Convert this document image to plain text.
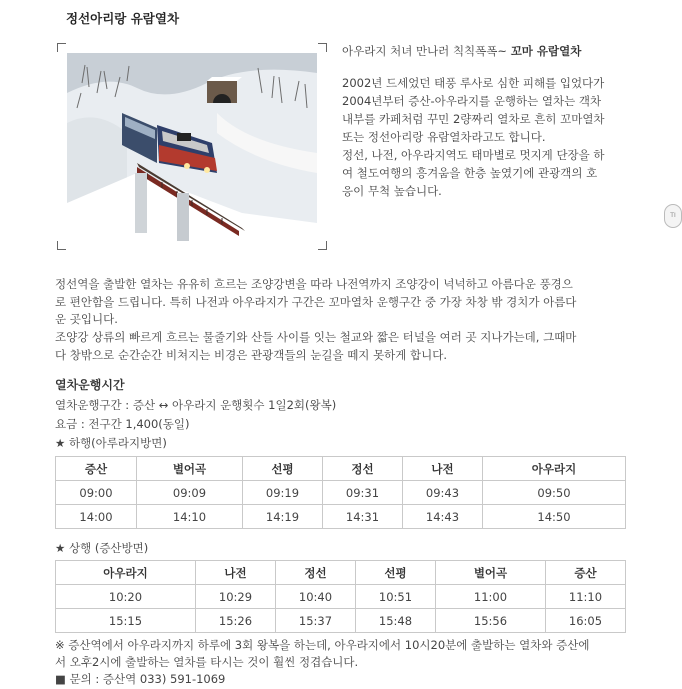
정선아리랑 유람열차
아우라지 처녀 만나러 칙칙폭폭~ 꼬마 유람열차

2002년 드세었던 태풍 루사로 심한 피해를 입었다가

2004년부터 증산-아우라지를 운행하는 열차는 객차

내부를 카페처럼 꾸민 2량짜리 열차로 흔히 꼬마열차

또는 정선아리랑 유람열차라고도 합니다.

정선, 나전, 아우라지역도 태마별로 멋지게 단장을 하

여 철도여행의 흥겨움을 한층 높였기에 관광객의 호

응이 무척 높습니다.

정선역을 출발한 열차는 유유히 흐르는 조양강변을 따라 나전역까지 조양강이 넉넉하고 아름다운 풍경으

로 편안함을 드립니다. 특히 나전과 아우라지가 구간은 꼬마열차 운행구간 중 가장 차창 밖 경치가 아름다

운 곳입니다.

조양강 상류의 빠르게 흐르는 물줄기와 산들 사이를 잇는 철교와 짧은 터널을 여러 곳 지나가는데, 그때마

다 창밖으로 순간순간 비쳐지는 비경은 관광객들의 눈길을 떼지 못하게 합니다.

열차운행시간
열차운행구간 : 증산 ↔ 아우라지 운행횟수 1일2회(왕복)
요금 : 전구간 1,400(동일)
★ 하행(아루라지방면)
증산	별어곡	선평	정선	나전	아우라지
09:00	09:09	09:19	09:31	09:43	09:50
14:00	14:10	14:19	14:31	14:43	14:50
★ 상행 (증산방면)
아우라지	나전	정선	선평	별어곡	증산
10:20	10:29	10:40	10:51	11:00	11:10
15:15	15:26	15:37	15:48	15:56	16:05

※ 증산역에서 아우라지까지 하루에 3회 왕복을 하는데, 아우라지에서 10시20분에 출발하는 열차와 증산에

서 오후2시에 출발하는 열차를 타시는 것이 훨씬 정겹습니다.

■ 문의 : 증산역 033) 591-1069

TI
